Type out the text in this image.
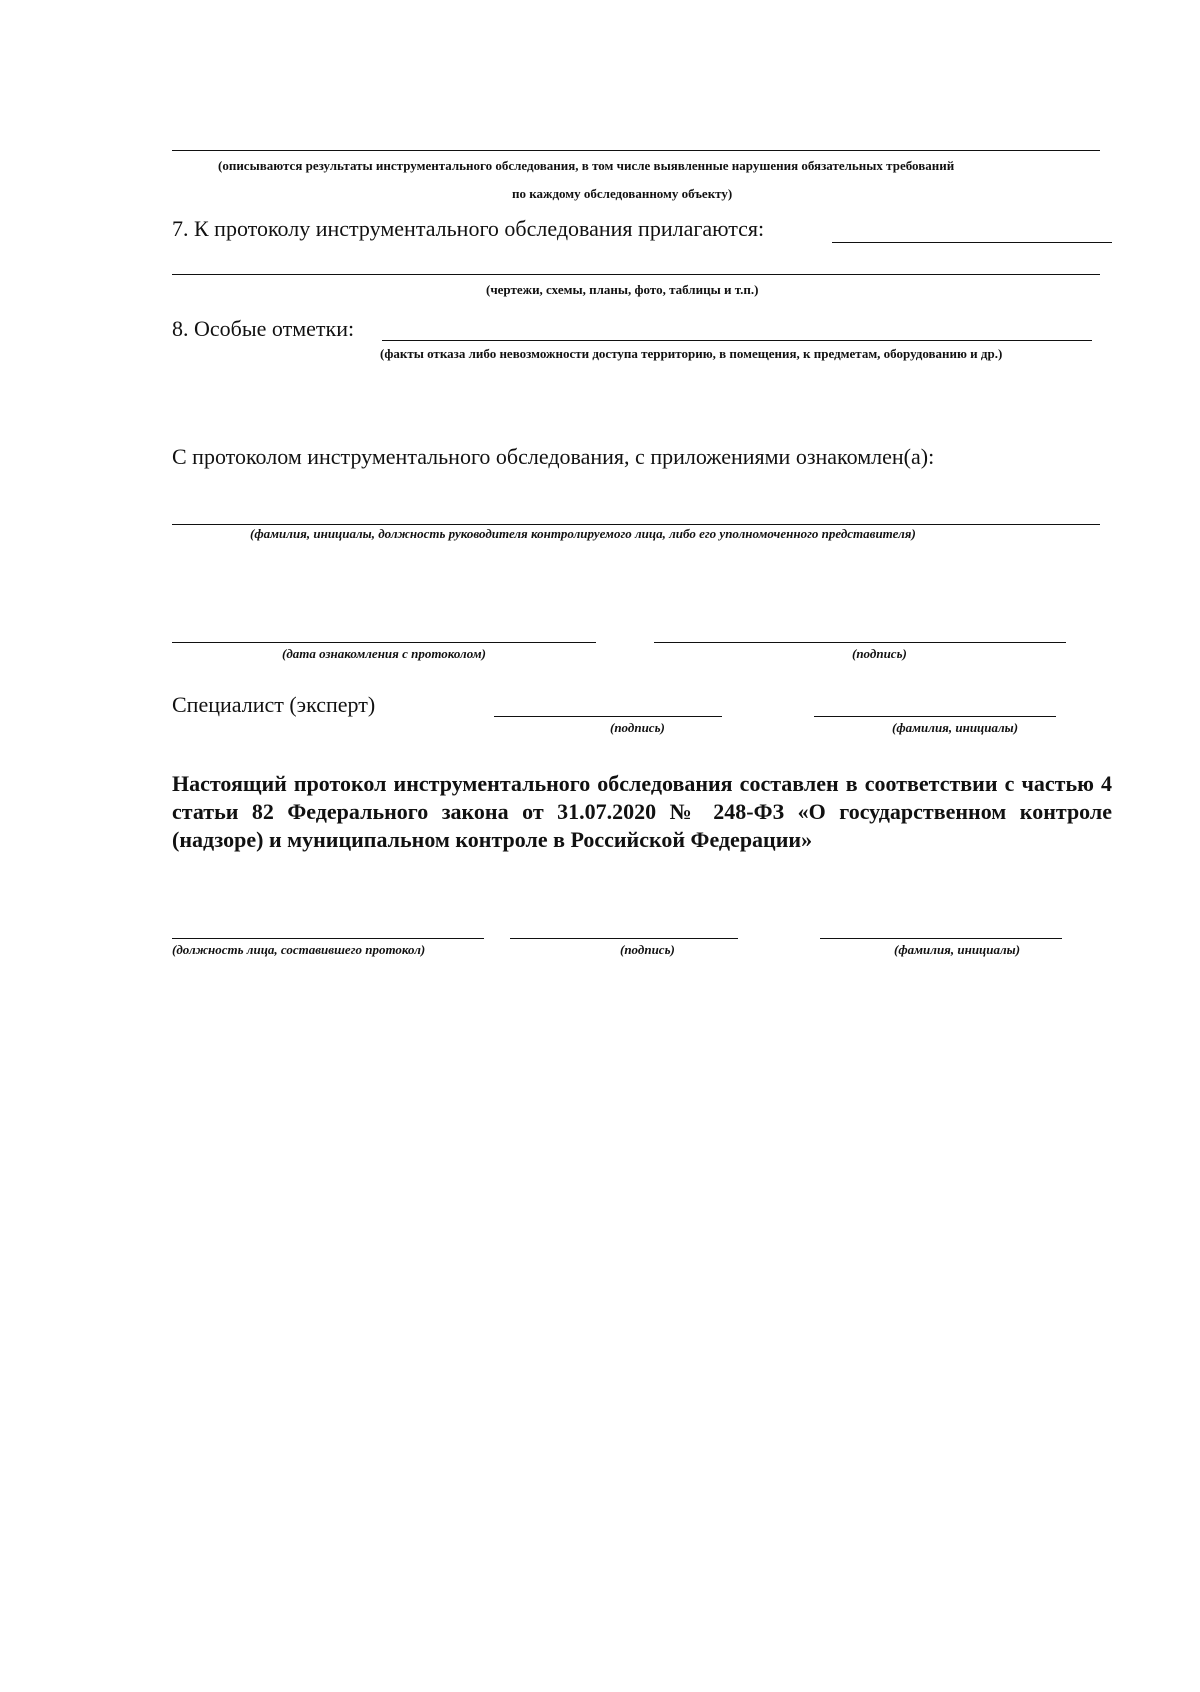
(описываются результаты инструментального обследования, в том числе выявленные нарушения обязательных требований
по каждому обследованному объекту)
7. К протоколу инструментального обследования прилагаются:
(чертежи, схемы, планы, фото, таблицы и т.п.)
8. Особые отметки:
(факты отказа либо невозможности доступа территорию, в помещения, к предметам, оборудованию и др.)
С протоколом инструментального обследования, с приложениями ознакомлен(а):
(фамилия, инициалы, должность руководителя контролируемого лица, либо его уполномоченного представителя)
(дата ознакомления с протоколом)	(подпись)
Специалист (эксперт)
(подпись)	(фамилия, инициалы)
Настоящий протокол инструментального обследования составлен в соответствии с частью 4 статьи 82 Федерального закона от 31.07.2020 № 248-ФЗ «О государственном контроле (надзоре) и муниципальном контроле в Российской Федерации»
(должность лица, составившего протокол)	(подпись)	(фамилия, инициалы)
